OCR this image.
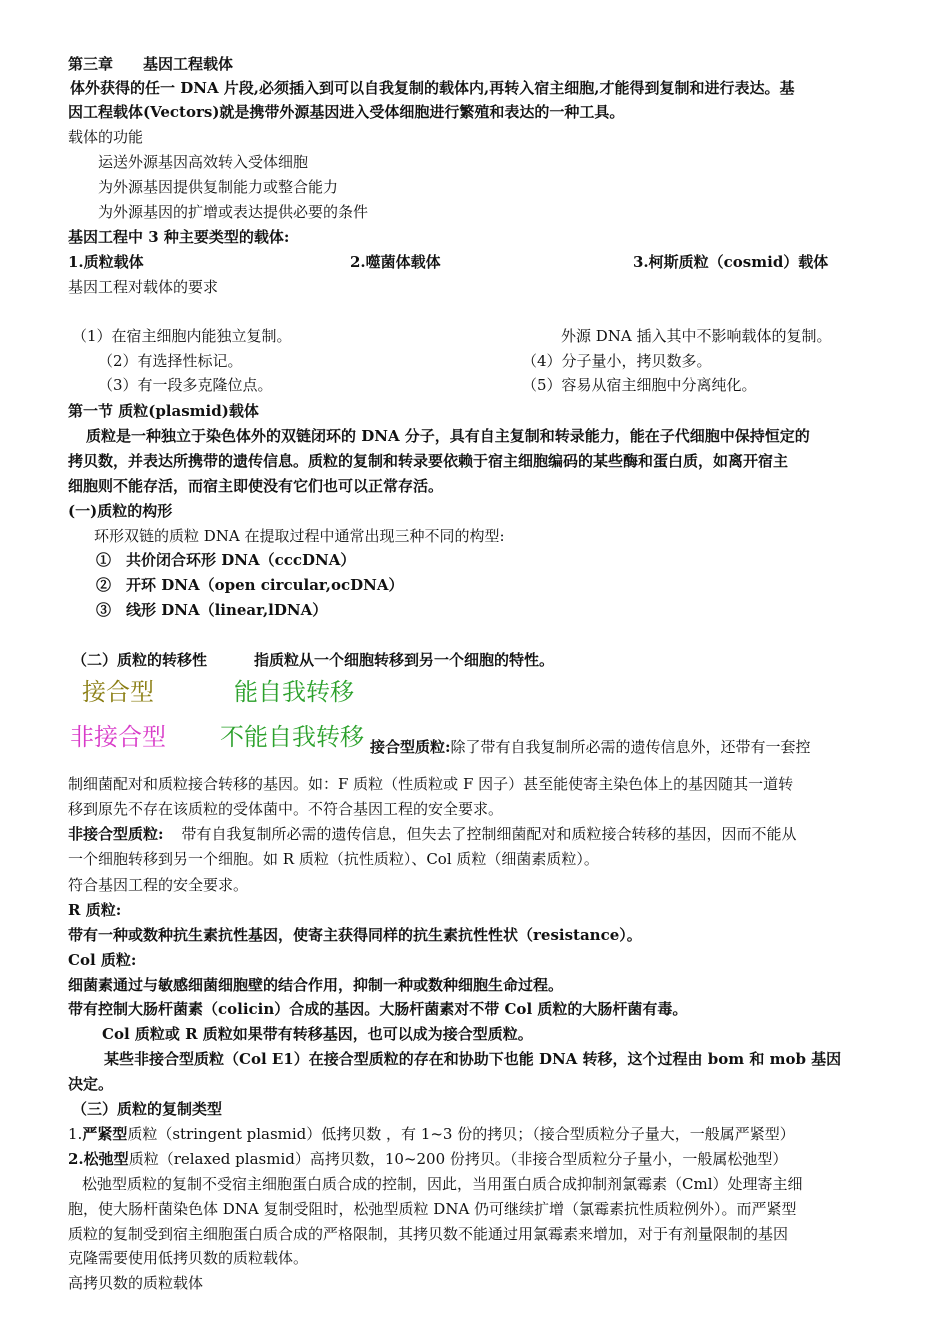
第三章　　基因工程载体
体外获得的任一 DNA 片段,必须插入到可以自我复制的载体内,再转入宿主细胞,才能得到复制和进行表达。基
因工程载体(Vectors)就是携带外源基因进入受体细胞进行繁殖和表达的一种工具。
载体的功能
运送外源基因高效转入受体细胞
为外源基因提供复制能力或整合能力
为外源基因的扩增或表达提供必要的条件
基因工程中 3 种主要类型的载体:
1.质粒载体	2.噬菌体载体	3.柯斯质粒（cosmid）载体
基因工程对载体的要求
（1）在宿主细胞内能独立复制。	外源 DNA 插入其中不影响载体的复制。
（2）有选择性标记。	（4）分子量小，拷贝数多。
（3）有一段多克隆位点。	（5）容易从宿主细胞中分离纯化。
第一节 质粒(plasmid)载体
质粒是一种独立于染色体外的双链闭环的 DNA 分子，具有自主复制和转录能力，能在子代细胞中保持恒定的
拷贝数，并表达所携带的遗传信息。质粒的复制和转录要依赖于宿主细胞编码的某些酶和蛋白质，如离开宿主
细胞则不能存活，而宿主即使没有它们也可以正常存活。
(一)质粒的构形
环形双链的质粒 DNA 在提取过程中通常出现三种不同的构型:
①　共价闭合环形 DNA（cccDNA）
②　开环 DNA（open circular,ocDNA）
③　线形 DNA（linear,lDNA）
（二）质粒的转移性	指质粒从一个细胞转移到另一个细胞的特性。
接合型	能自我转移
非接合型 不能自我转移 接合型质粒:除了带有自我复制所必需的遗传信息外，还带有一套控
制细菌配对和质粒接合转移的基因。如：F 质粒（性质粒或 F 因子）甚至能使寄主染色体上的基因随其一道转
移到原先不存在该质粒的受体菌中。不符合基因工程的安全要求。
非接合型质粒: 带有自我复制所必需的遗传信息，但失去了控制细菌配对和质粒接合转移的基因，因而不能从
一个细胞转移到另一个细胞。如 R 质粒（抗性质粒）、Col 质粒（细菌素质粒）。
符合基因工程的安全要求。
R 质粒:
带有一种或数种抗生素抗性基因，使寄主获得同样的抗生素抗性性状（resistance）。
Col 质粒:
细菌素通过与敏感细菌细胞壁的结合作用，抑制一种或数种细胞生命过程。
带有控制大肠杆菌素（colicin）合成的基因。大肠杆菌素对不带 Col 质粒的大肠杆菌有毒。
Col 质粒或 R 质粒如果带有转移基因，也可以成为接合型质粒。
某些非接合型质粒（Col E1）在接合型质粒的存在和协助下也能 DNA 转移，这个过程由 bom 和 mob 基因
决定。
（三）质粒的复制类型
1.严紧型质粒（stringent plasmid）低拷贝数 ，有 1~3 份的拷贝；（接合型质粒分子量大，一般属严紧型）
2.松弛型质粒（relaxed plasmid）高拷贝数，10~200 份拷贝。（非接合型质粒分子量小，一般属松弛型）
松弛型质粒的复制不受宿主细胞蛋白质合成的控制，因此，当用蛋白质合成抑制剂氯霉素（Cml）处理寄主细
胞，使大肠杆菌染色体 DNA 复制受阻时，松弛型质粒 DNA 仍可继续扩增（氯霉素抗性质粒例外）。而严紧型
质粒的复制受到宿主细胞蛋白质合成的严格限制，其拷贝数不能通过用氯霉素来增加，对于有剂量限制的基因
克隆需要使用低拷贝数的质粒载体。
高拷贝数的质粒载体
